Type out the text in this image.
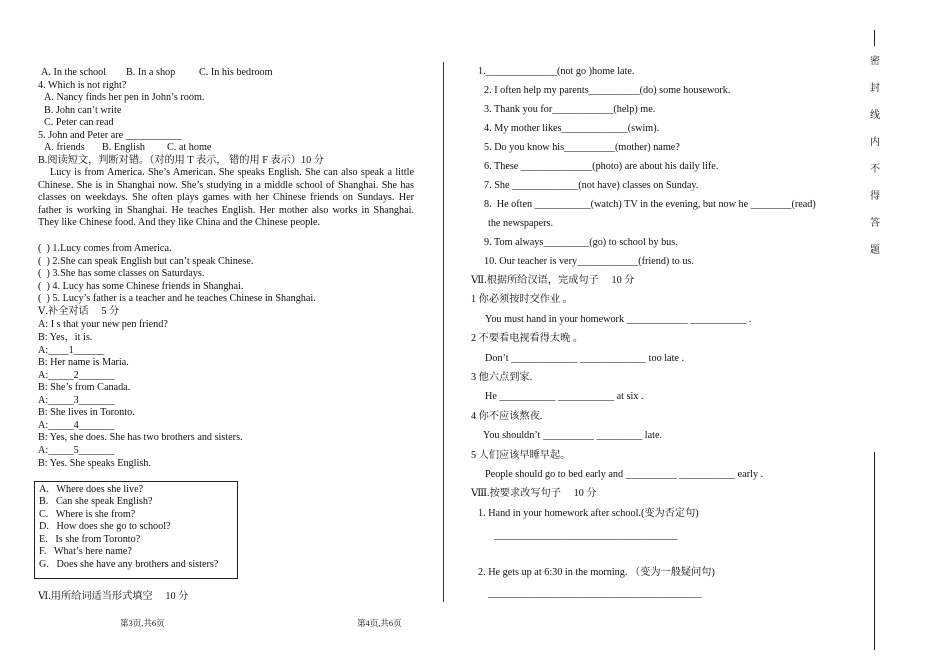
A. In the school B. In a shop C. In his bedroom
4. Which is not right?
A. Nancy finds her pen in John’s room.
B. John can’t write
C. Peter can read
5. John and Peter are ___________
A. friends B. English C. at home
B.阅读短文，判断对错。（对的用 T 表示， 错的用 F 表示）10 分
Lucy is from America. She’s American. She speaks English. She can also speak a little Chinese. She is in Shanghai now. She’s studying in a middle school of Shanghai. She has classes on weekdays. She often plays games with her Chinese friends on Sundays. Her father is working in Shanghai. He teaches English. Her mother also works in Shanghai. They like Chinese food. And they like China and the Chinese people.
(  ) 1.Lucy comes from America.
(  ) 2.She can speak English but can’t speak Chinese.
(  ) 3.She has some classes on Saturdays.
(  ) 4. Lucy has some Chinese friends in Shanghai.
(  ) 5. Lucy’s father is a teacher and he teaches Chinese in Shanghai.
Ⅴ.补全对话　 5 分
A: I s that your new pen friend?
B: Yes，it is.
A:____1______
B: Her name is Maria.
A:_____2_______
B: She’s from Canada.
A:_____3_______
B: She lives in Toronto.
A:_____4_______
B: Yes, she does. She has two brothers and sisters.
A:_____5_______
B: Yes. She speaks English.
A.   Where does she live?
B.   Can she speak English?
C.   Where is she from?
D.   How does she go to school?
E.   Is she from Toronto?
F.   What’s here name?
G.   Does she have any brothers and sisters?
Ⅵ.用所给词适当形式填空　 10 分
1.______________(not go )home late.
2. I often help my parents__________(do) some housework.
3. Thank you for____________(help) me.
4. My mother likes_____________(swim).
5. Do you know his__________(mother) name?
6. These ______________(photo) are about his daily life.
7. She _____________(not have) classes on Sunday.
8.  He often ___________(watch) TV in the evening, but now he ________(read)
the newspapers.
9. Tom always_________(go) to school by bus.
10. Our teacher is very____________(friend) to us.
Ⅶ.根据所给汉语，完成句子　 10 分
1 你必须按时交作业 。
You must hand in your homework ____________ ___________ .
2 不要看电视看得太晚 。
Don’t _____________ _____________ too late .
3 他六点到家.
He ___________ ___________ at six .
4 你不应该熬夜.
You shouldn’t __________ _________ late.
5 人们应该早睡早起。
People should go to bed early and __________ ___________ early .
Ⅷ.按要求改写句子　 10 分
1. Hand in your homework after school.(变为否定句)
____________________________________
2. He gets up at 6:30 in the morning. （变为一般疑问句)
__________________________________________
密
封
线
内
不
得
答
题
第3页,共6页	第4页,共6页
